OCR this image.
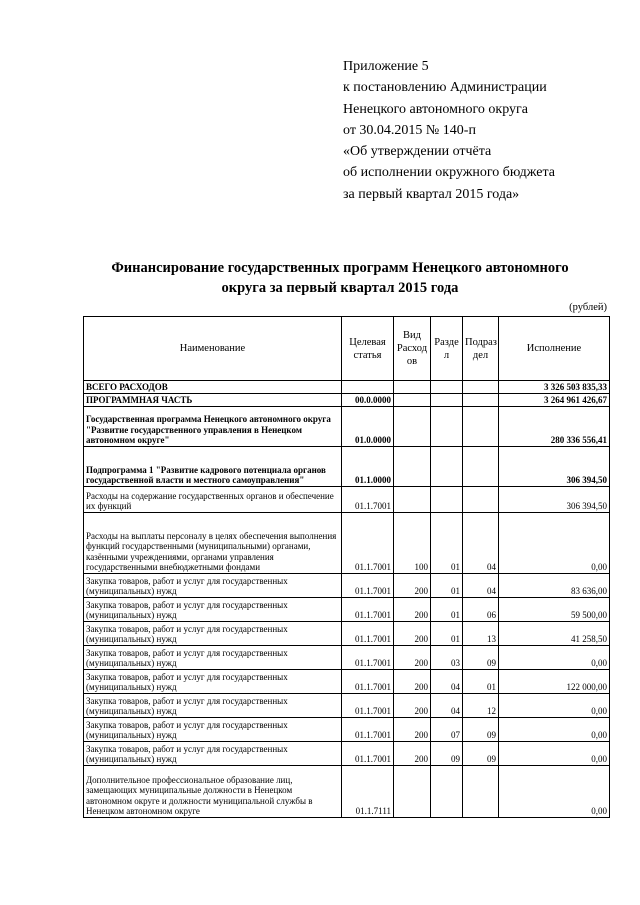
Приложение 5
к постановлению Администрации
Ненецкого автономного округа
от 30.04.2015 № 140-п
«Об утверждении отчёта
об исполнении окружного бюджета
за первый квартал 2015 года»
Финансирование государственных программ Ненецкого автономного
округа за первый квартал 2015 года
(рублей)
Наименование	Целевая статья	Вид Расход ов	Разде л	Подраз дел	Исполнение
ВСЕГО РАСХОДОВ					3 326 503 835,33
ПРОГРАММНАЯ ЧАСТЬ	00.0.0000				3 264 961 426,67
Государственная программа Ненецкого автономного округа "Развитие государственного управления в Ненецком автономном округе"	01.0.0000				280 336 556,41
Подпрограмма 1 "Развитие кадрового потенциала органов государственной власти и местного самоуправления"	01.1.0000				306 394,50
Расходы на содержание государственных органов и обеспечение их функций	01.1.7001				306 394,50
Расходы на выплаты персоналу в целях обеспечения выполнения функций государственными (муниципальными) органами, казёнными учреждениями, органами управления государственными внебюджетными фондами	01.1.7001	100	01	04	0,00
Закупка товаров, работ и услуг для государственных (муниципальных) нужд	01.1.7001	200	01	04	83 636,00
Закупка товаров, работ и услуг для государственных (муниципальных) нужд	01.1.7001	200	01	06	59 500,00
Закупка товаров, работ и услуг для государственных (муниципальных) нужд	01.1.7001	200	01	13	41 258,50
Закупка товаров, работ и услуг для государственных (муниципальных) нужд	01.1.7001	200	03	09	0,00
Закупка товаров, работ и услуг для государственных (муниципальных) нужд	01.1.7001	200	04	01	122 000,00
Закупка товаров, работ и услуг для государственных (муниципальных) нужд	01.1.7001	200	04	12	0,00
Закупка товаров, работ и услуг для государственных (муниципальных) нужд	01.1.7001	200	07	09	0,00
Закупка товаров, работ и услуг для государственных (муниципальных) нужд	01.1.7001	200	09	09	0,00
Дополнительное профессиональное образование лиц, замещающих муниципальные должности в Ненецком автономном округе и должности муниципальной службы в Ненецком автономном округе	01.1.7111				0,00
